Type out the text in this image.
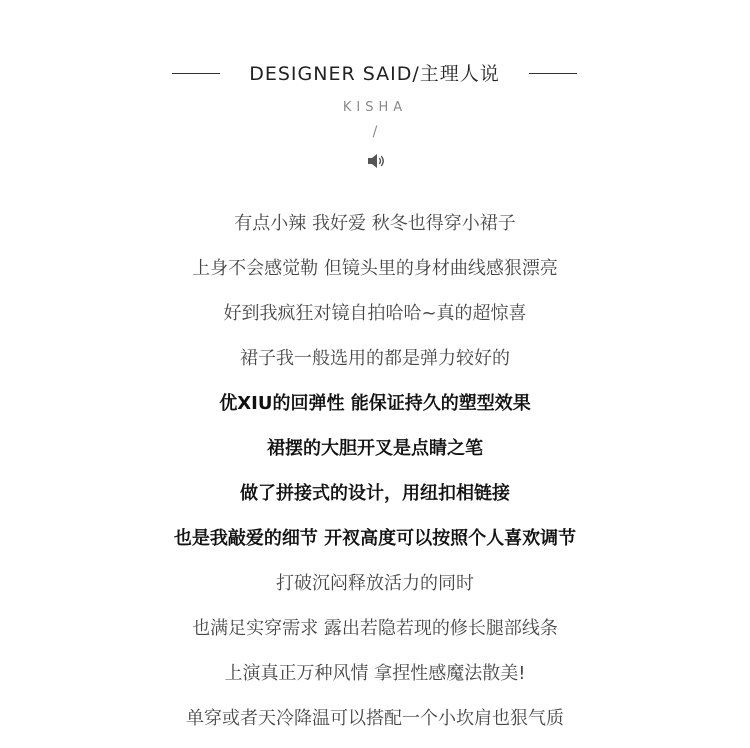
DESIGNER SAID/主理人说
KISHA
/
有点小辣 我好爱 秋冬也得穿小裙子
上身不会感觉勒 但镜头里的身材曲线感狠漂亮
好到我疯狂对镜自拍哈哈~真的超惊喜
裙子我一般选用的都是弹力较好的
优XIU的回弹性 能保证持久的塑型效果
裙摆的大胆开叉是点睛之笔
做了拼接式的设计，用纽扣相链接
也是我敲爱的细节 开衩高度可以按照个人喜欢调节
打破沉闷释放活力的同时
也满足实穿需求 露出若隐若现的修长腿部线条
上演真正万种风情 拿捏性感魔法散美!
单穿或者天冷降温可以搭配一个小坎肩也狠气质
